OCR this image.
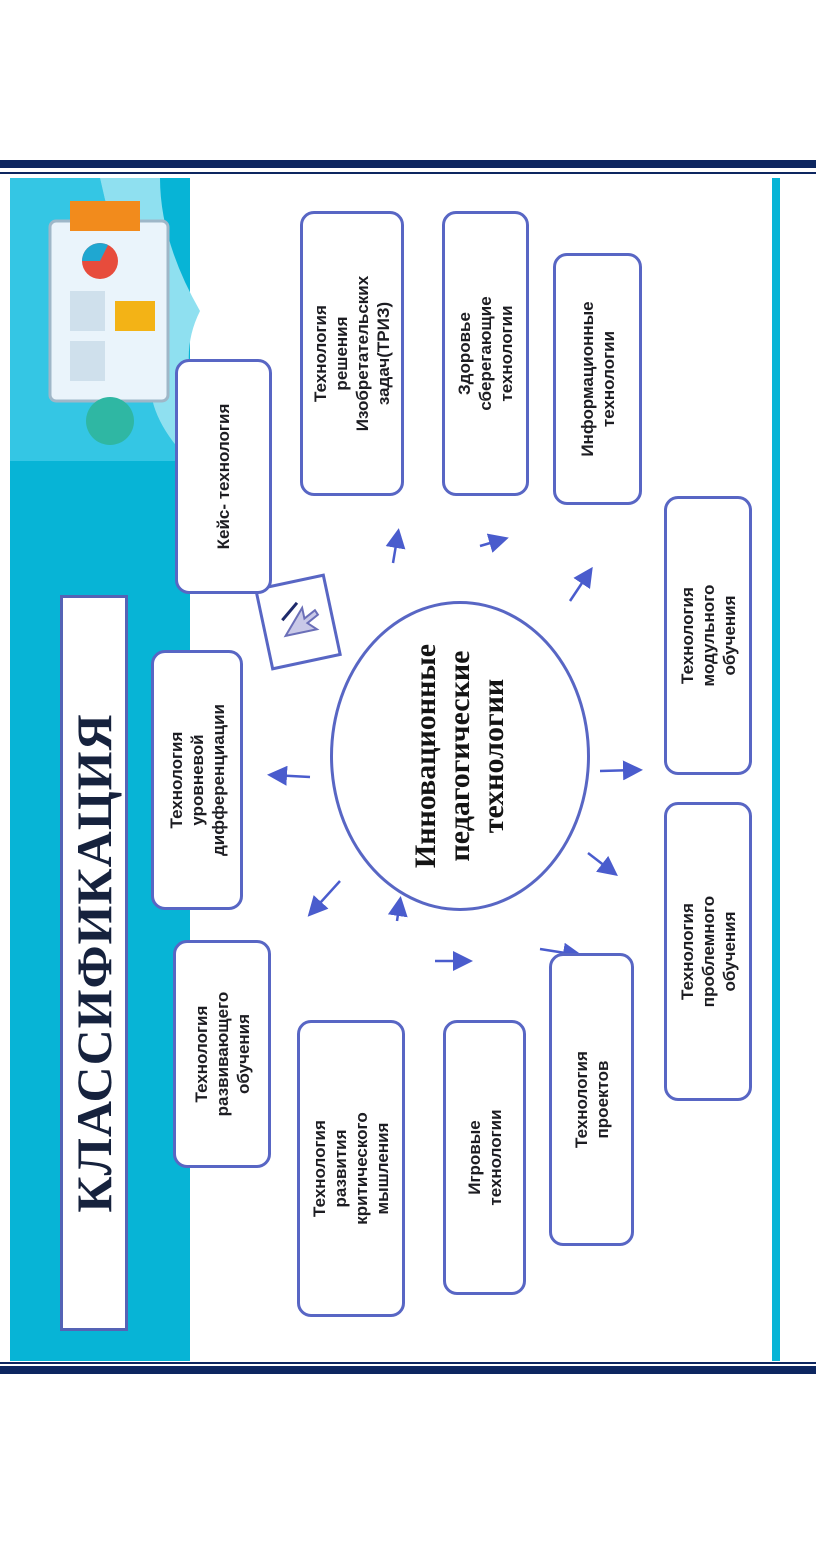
КЛАССИФИКАЦИЯ	Инновационные
педагогические
технологии
Кейс- технология
Технология
решения
Изобретательских
задач(ТРИЗ)	Здоровье
сберегающие
технологии	Информационные
технологии
Технология
модульного
обучения
Технология
проблемного
обучения
Технология
проектов
Игровые
технологии
Технология
развития
критического
мышления
Технология
развивающего
обучения
Технология
уровневой
дифференциации
